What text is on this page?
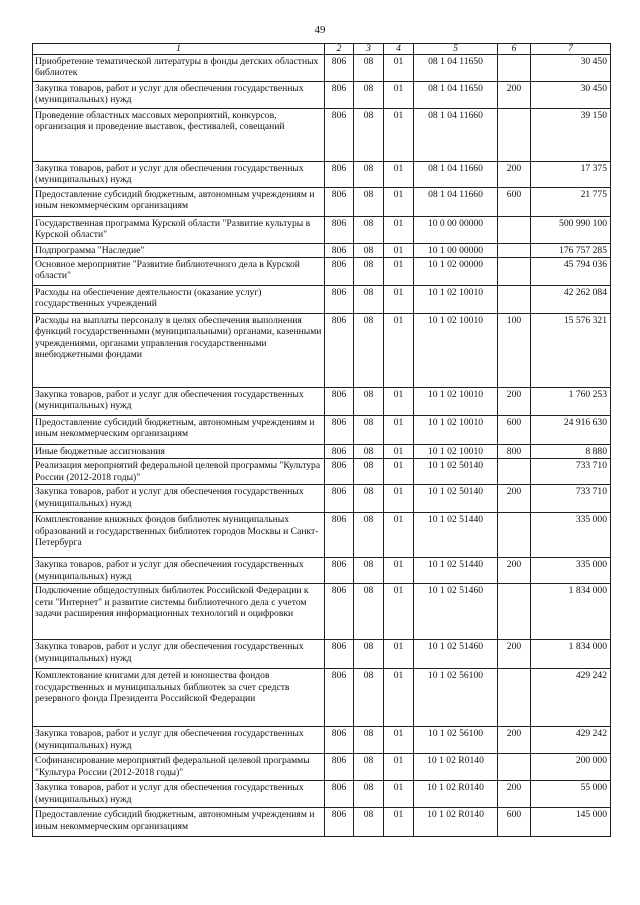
49
1	2	3	4	5	6	7
Приобретение тематической литературы в фонды детских областных библиотек	806	08	01	08 1 04 11650		30 450
Закупка товаров, работ и услуг для обеспечения государственных (муниципальных) нужд	806	08	01	08 1 04 11650	200	30 450
Проведение областных массовых мероприятий, конкурсов, организация и проведение выставок, фестивалей, совещаний	806	08	01	08 1 04 11660		39 150
Закупка товаров, работ и услуг для обеспечения государственных (муниципальных) нужд	806	08	01	08 1 04 11660	200	17 375
Предоставление субсидий бюджетным, автономным учреждениям и иным некоммерческим организациям	806	08	01	08 1 04 11660	600	21 775
Государственная программа Курской области "Развитие культуры в Курской области"	806	08	01	10 0 00 00000		500 990 100
Подпрограмма "Наследие"	806	08	01	10 1 00 00000		176 757 285
Основное мероприятие "Развитие библиотечного дела в Курской области"	806	08	01	10 1 02 00000		45 794 036
Расходы на обеспечение деятельности (оказание услуг) государственных учреждений	806	08	01	10 1 02 10010		42 262 084
Расходы на выплаты персоналу в целях обеспечения выполнения функций государственными (муниципальными) органами, казенными учреждениями, органами управления государственными внебюджетными фондами	806	08	01	10 1 02 10010	100	15 576 321
Закупка товаров, работ и услуг для обеспечения государственных (муниципальных) нужд	806	08	01	10 1 02 10010	200	1 760 253
Предоставление субсидий бюджетным, автономным учреждениям и иным некоммерческим организациям	806	08	01	10 1 02 10010	600	24 916 630
Иные бюджетные ассигнования	806	08	01	10 1 02 10010	800	8 880
Реализация мероприятий федеральной целевой программы "Культура России (2012-2018 годы)"	806	08	01	10 1 02 50140		733 710
Закупка товаров, работ и услуг для обеспечения государственных (муниципальных) нужд	806	08	01	10 1 02 50140	200	733 710
Комплектование книжных фондов библиотек муниципальных образований и государственных библиотек городов Москвы и Санкт-Петербурга	806	08	01	10 1 02 51440		335 000
Закупка товаров, работ и услуг для обеспечения государственных (муниципальных) нужд	806	08	01	10 1 02 51440	200	335 000
Подключение общедоступных библиотек Российской Федерации к сети "Интернет" и развитие системы библиотечного дела с учетом задачи расширения информационных технологий и оцифровки	806	08	01	10 1 02 51460		1 834 000
Закупка товаров, работ и услуг для обеспечения государственных (муниципальных) нужд	806	08	01	10 1 02 51460	200	1 834 000
Комплектование книгами для детей и юношества фондов государственных и муниципальных библиотек за счет средств резервного фонда Президента Российской Федерации	806	08	01	10 1 02 56100		429 242
Закупка товаров, работ и услуг для обеспечения государственных (муниципальных) нужд	806	08	01	10 1 02 56100	200	429 242
Софинансирование мероприятий федеральной целевой программы "Культура России (2012-2018 годы)"	806	08	01	10 1 02 R0140		200 000
Закупка товаров, работ и услуг для обеспечения государственных (муниципальных) нужд	806	08	01	10 1 02 R0140	200	55 000
Предоставление субсидий бюджетным, автономным учреждениям и иным некоммерческим организациям	806	08	01	10 1 02 R0140	600	145 000
